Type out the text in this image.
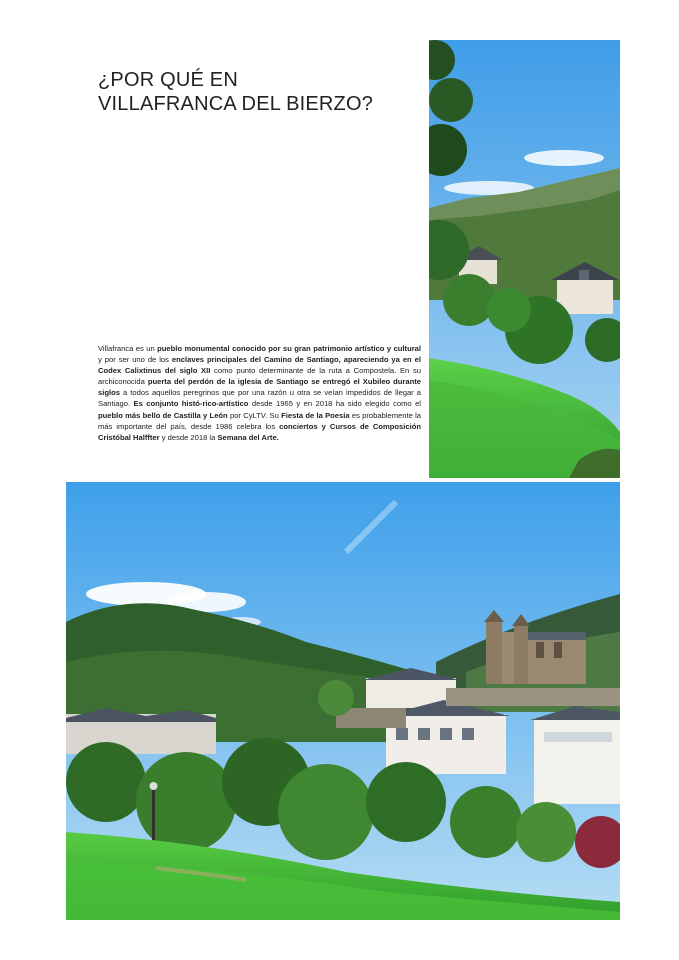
¿POR QUÉ EN
VILLAFRANCA DEL BIERZO?

Villafranca es un pueblo monumental conocido por su gran patrimonio artístico y cultural y por ser uno de los enclaves principales del Camino de Santiago, apareciendo ya en el Codex Calixtinus del siglo XII como punto determinante de la ruta a Compostela. En su archiconocida puerta del perdón de la iglesia de Santiago se entregó el Xubileo durante siglos a todos aquellos peregrinos que por una razón u otra se veían impedidos de llegar a Santiago. Es conjunto histó-rico-artístico desde 1965 y en 2018 ha sido elegido como el pueblo más bello de Castilla y León por CyLTV. Su Fiesta de la Poesía es probablemente la más importante del país, desde 1986 celebra los conciertos y Cursos de Composición Cristóbal Halffter y desde 2018 la Semana del Arte.
